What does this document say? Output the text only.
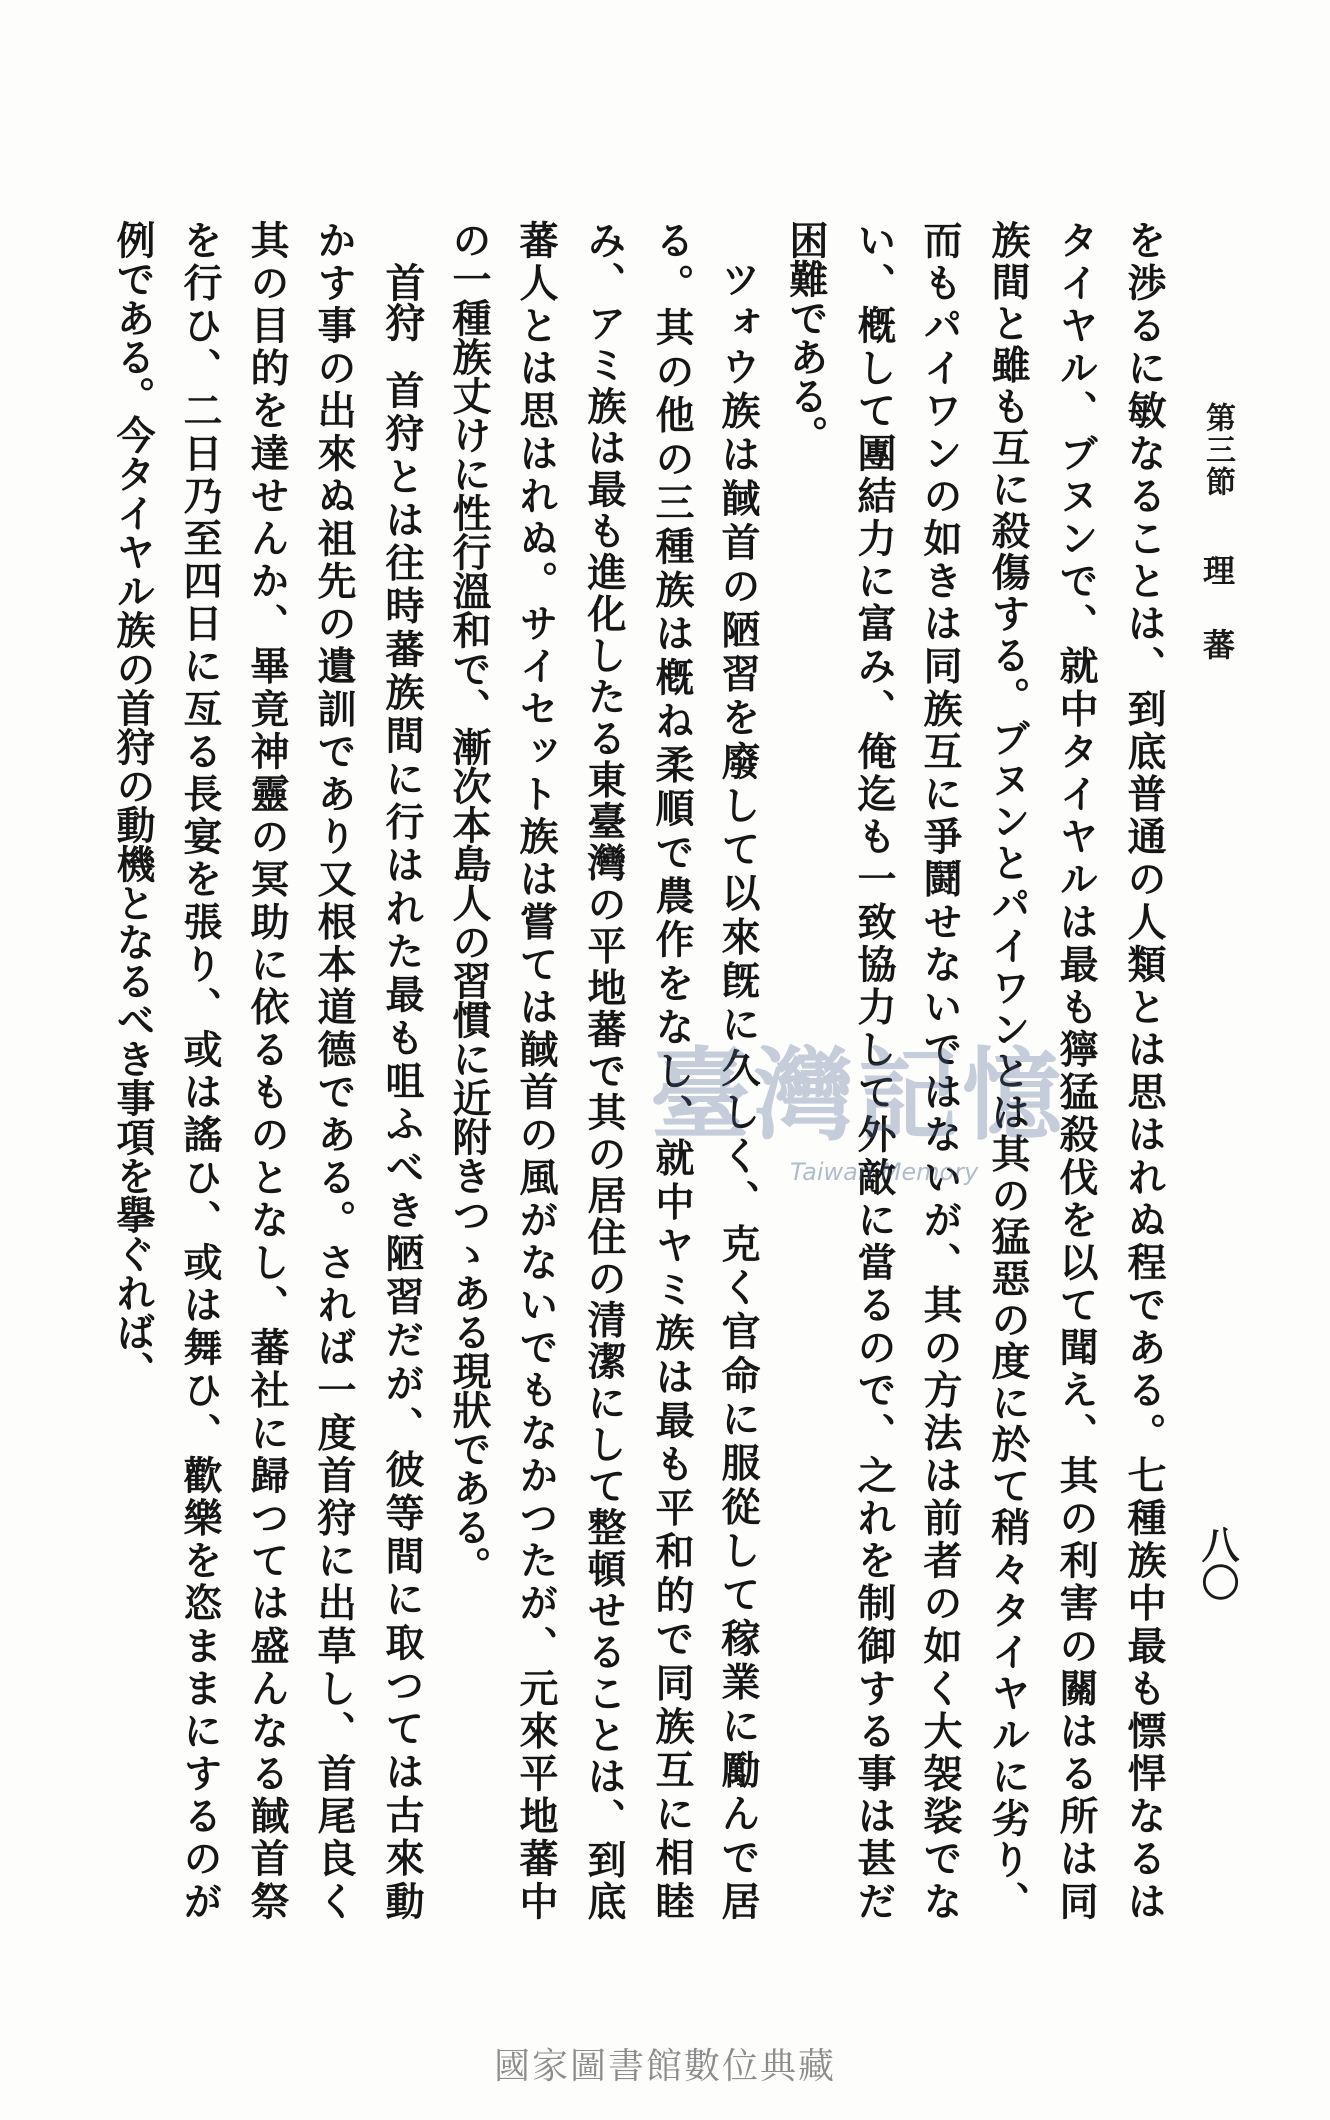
第三節
理
蕃
八〇
を渉るに敏なることは、到底普通の人類とは思はれぬ程である。七種族中最も慓悍なるは
タイヤル、ブヌンで、就中タイヤルは最も獰猛殺伐を以て聞え、其の利害の關はる所は同
族間と雖も互に殺傷する。ブヌンとパイワンとは其の猛惡の度に於て稍々タイヤルに劣り、
而もパイワンの如きは同族互に爭鬪せないではないが、其の方法は前者の如く大袈裟でな
い、槪して團結力に富み、俺迄も一致協力して外敵に當るので、之れを制御する事は甚だ
困難である。
ツォウ族は馘首の陋習を廢して以來旣に久しく、克く官命に服從して稼業に勵んで居
る。其の他の三種族は槪ね柔順で農作をなし、就中ヤミ族は最も平和的で同族互に相睦
み、アミ族は最も進化したる東臺灣の平地蕃で其の居住の清潔にして整頓せることは、到底
蕃人とは思はれぬ。サイセット族は嘗ては馘首の風がないでもなかつたが、元來平地蕃中
の一種族丈けに性行溫和で、漸次本島人の習慣に近附きつゝある現狀である。
首狩
首狩とは往時蕃族間に行はれた最も咀ふべき陋習だが、彼等間に取つては古來動
かす事の出來ぬ祖先の遺訓であり又根本道德である。されば一度首狩に出草し、首尾良く
其の目的を達せんか、畢竟神靈の冥助に依るものとなし、蕃社に歸つては盛んなる馘首祭
を行ひ、二日乃至四日に亙る長宴を張り、或は謠ひ、或は舞ひ、歡樂を恣ままにするのが
例である。今タイヤル族の首狩の動機となるべき事項を擧ぐれば、	臺灣記憶
Taiwan Memory
國家圖書館數位典藏
